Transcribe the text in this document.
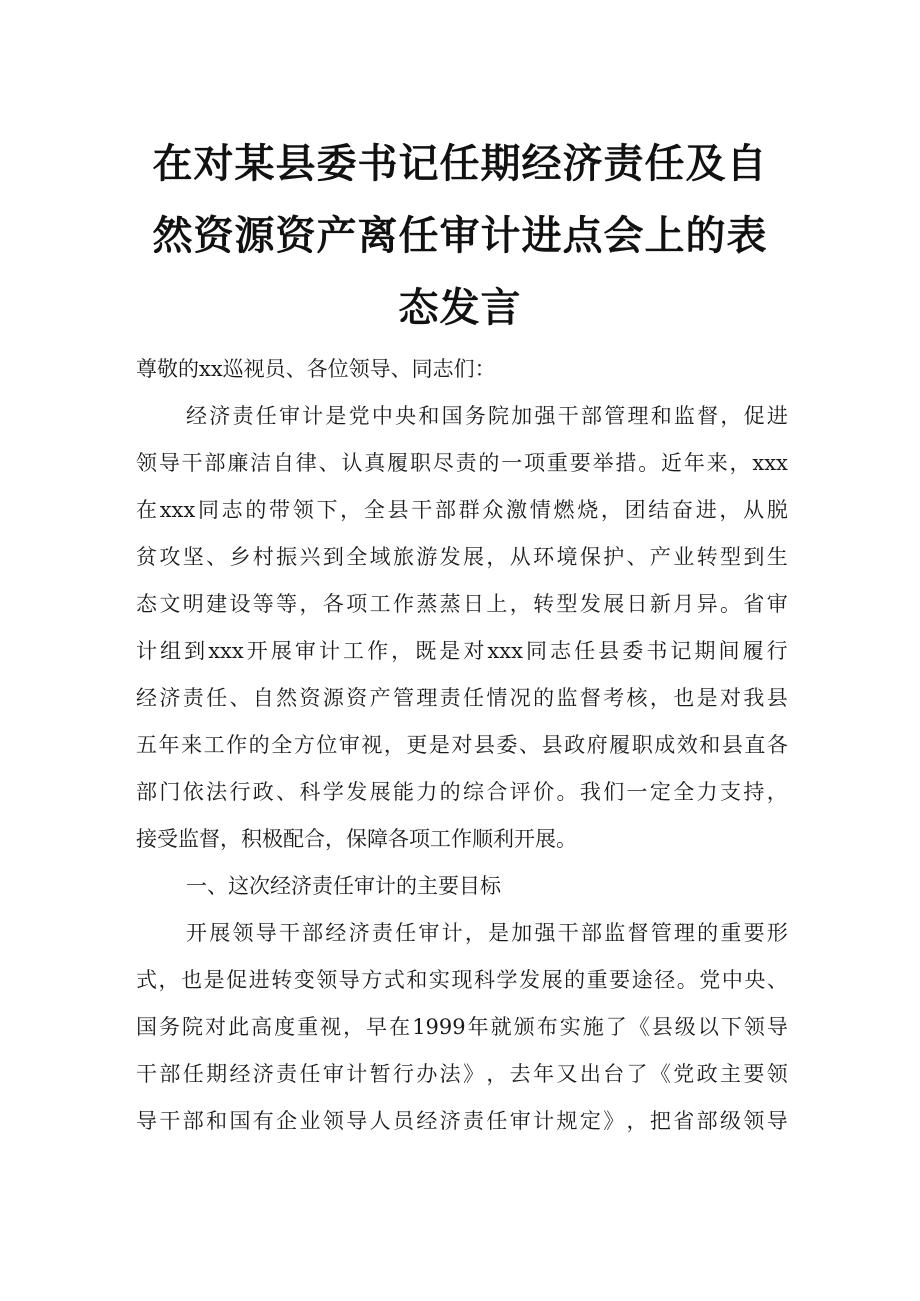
在对某县委书记任期经济责任及自
然资源资产离任审计进点会上的表
态发言
尊敬的xx巡视员、各位领导、同志们：
经 济 责 任 审 计 是 党 中 央 和 国 务 院 加 强 干 部 管 理 和 监 督 ， 促 进
领 导 干 部 廉 洁 自 律 、 认 真 履 职 尽 责 的 一 项 重 要 举 措 。 近 年 来 ， xxx
在 xxx 同 志 的 带 领 下 ， 全 县 干 部 群 众 激 情 燃 烧 ， 团 结 奋 进 ， 从 脱
贫 攻 坚 、 乡 村 振 兴 到 全 域 旅 游 发 展 ， 从 环 境 保 护 、 产 业 转 型 到 生
态 文 明 建 设 等 等 ， 各 项 工 作 蒸 蒸 日 上 ， 转 型 发 展 日 新 月 异 。 省 审
计 组 到 xxx 开 展 审 计 工 作 ， 既 是 对 xxx 同 志 任 县 委 书 记 期 间 履 行
经 济 责 任 、 自 然 资 源 资 产 管 理 责 任 情 况 的 监 督 考 核 ， 也 是 对 我 县
五 年 来 工 作 的 全 方 位 审 视 ， 更 是 对 县 委 、 县 政 府 履 职 成 效 和 县 直 各
部 门 依 法 行 政 、 科 学 发 展 能 力 的 综 合 评 价 。 我 们 一 定 全 力 支 持 ，
接受监督，积极配合，保障各项工作顺利开展。
一、这次经济责任审计的主要目标
开 展 领 导 干 部 经 济 责 任 审 计 ， 是 加 强 干 部 监 督 管 理 的 重 要 形
式 ， 也 是 促 进 转 变 领 导 方 式 和 实 现 科 学 发 展 的 重 要 途 径 。 党 中 央 、
国 务 院 对 此 高 度 重 视 ， 早 在 1999 年 就 颁 布 实 施 了 《 县 级 以 下 领 导
干 部 任 期 经 济 责 任 审 计 暂 行 办 法 》 ， 去 年 又 出 台 了 《 党 政 主 要 领
导 干 部 和 国 有 企 业 领 导 人 员 经 济 责 任 审 计 规 定 》 ， 把 省 部 级 领 导
